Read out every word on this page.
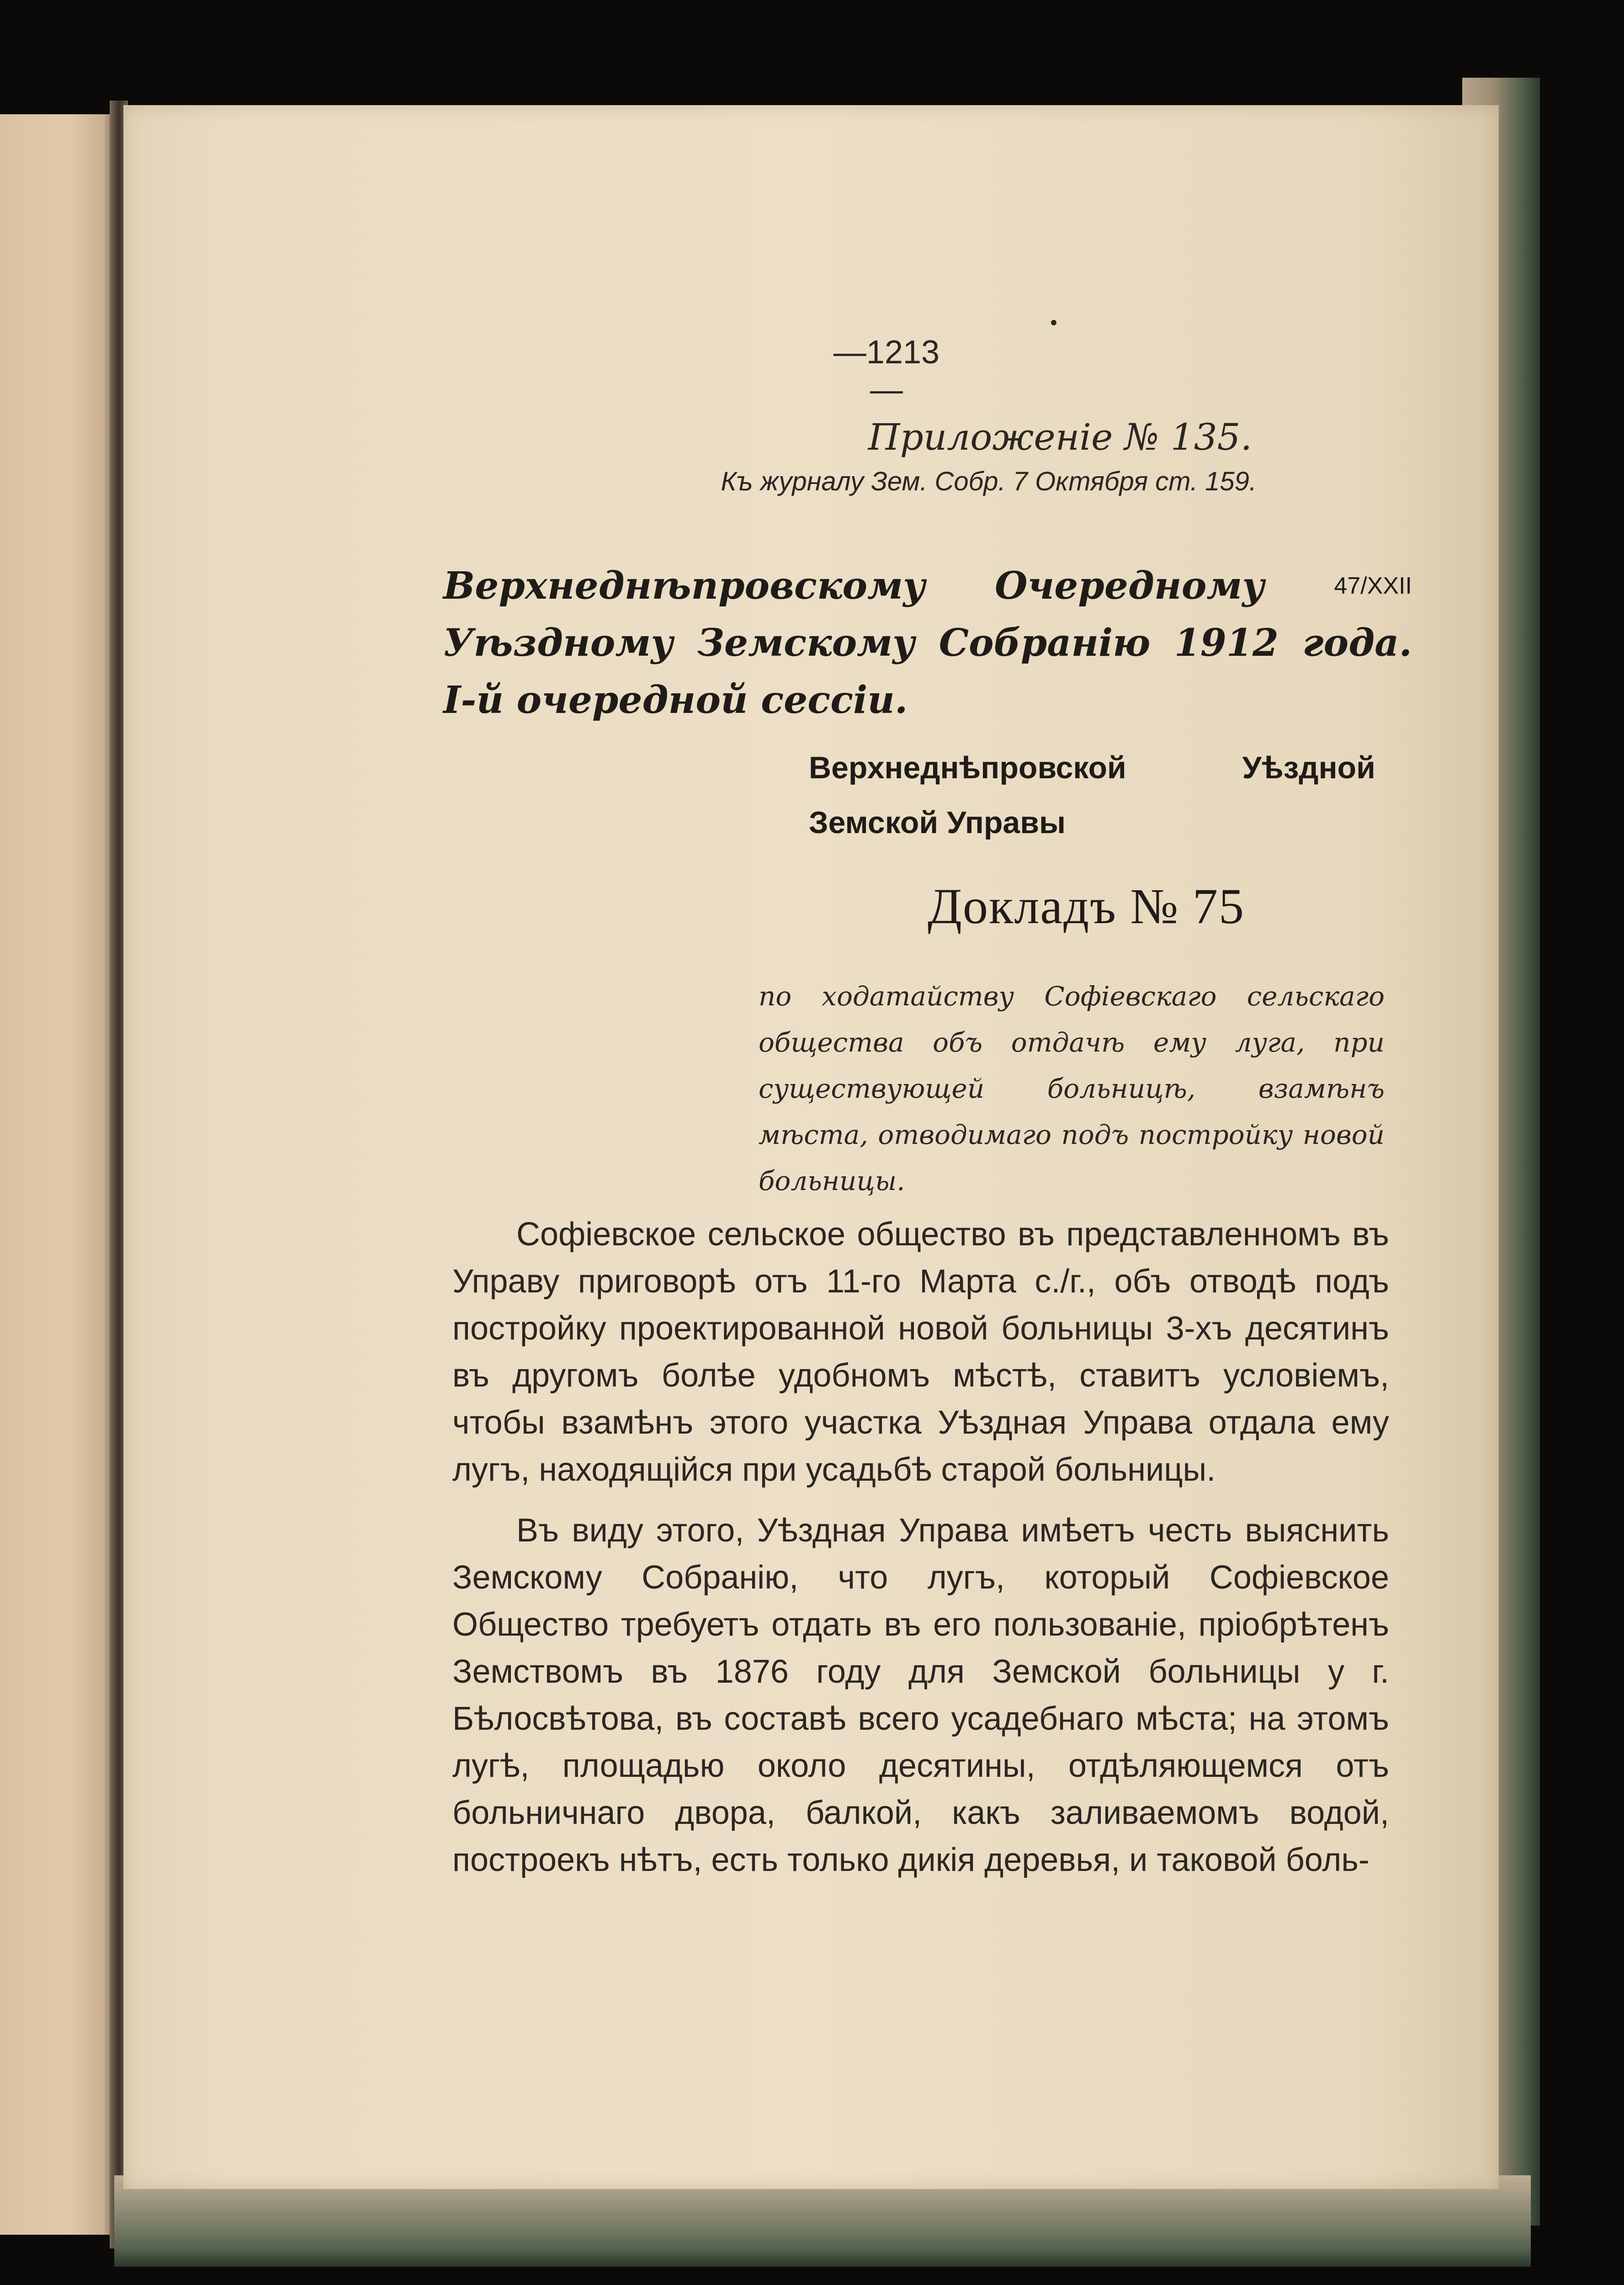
—1213—
Приложенiе № 135.
Къ журналу Зем. Собр. 7 Октября ст. 159.
Верхнеднѣпровскому Очередному	$^{47/XXII}$ Уѣздному Земскому Собранiю 1912 года. I-й очередной сессiи.
Верхнеднѣпровской Уѣздной Земской Управы
Докладъ № 75
по ходатайству Софiевскаго сельскаго общества объ отдачѣ ему луга, при существующей больницѣ, взамѣнъ мѣста, отводимаго подъ постройку новой больницы.

Софiевское сельское общество въ представленномъ въ Управу приговорѣ отъ 11-го Марта с./г., объ отводѣ подъ постройку проектированной новой больницы 3-хъ десятинъ въ другомъ болѣе удобномъ мѣстѣ, ставитъ условiемъ, чтобы взамѣнъ этого участка Уѣздная Управа отдала ему лугъ, находящiйся при усадьбѣ старой больницы.

Въ виду этого, Уѣздная Управа имѣетъ честь выяснить Земскому Собранiю, что лугъ, который Софiевское Общество требуетъ отдать въ его пользованiе, прiобрѣтенъ Земствомъ въ 1876 году для Земской больницы у г. Бѣлосвѣтова, въ составѣ всего усадебнаго мѣста; на этомъ лугѣ, площадью около десятины, отдѣляющемся отъ больничнаго двора, балкой, какъ заливаемомъ водой, построекъ нѣтъ, есть только дикiя деревья, и таковой боль-
